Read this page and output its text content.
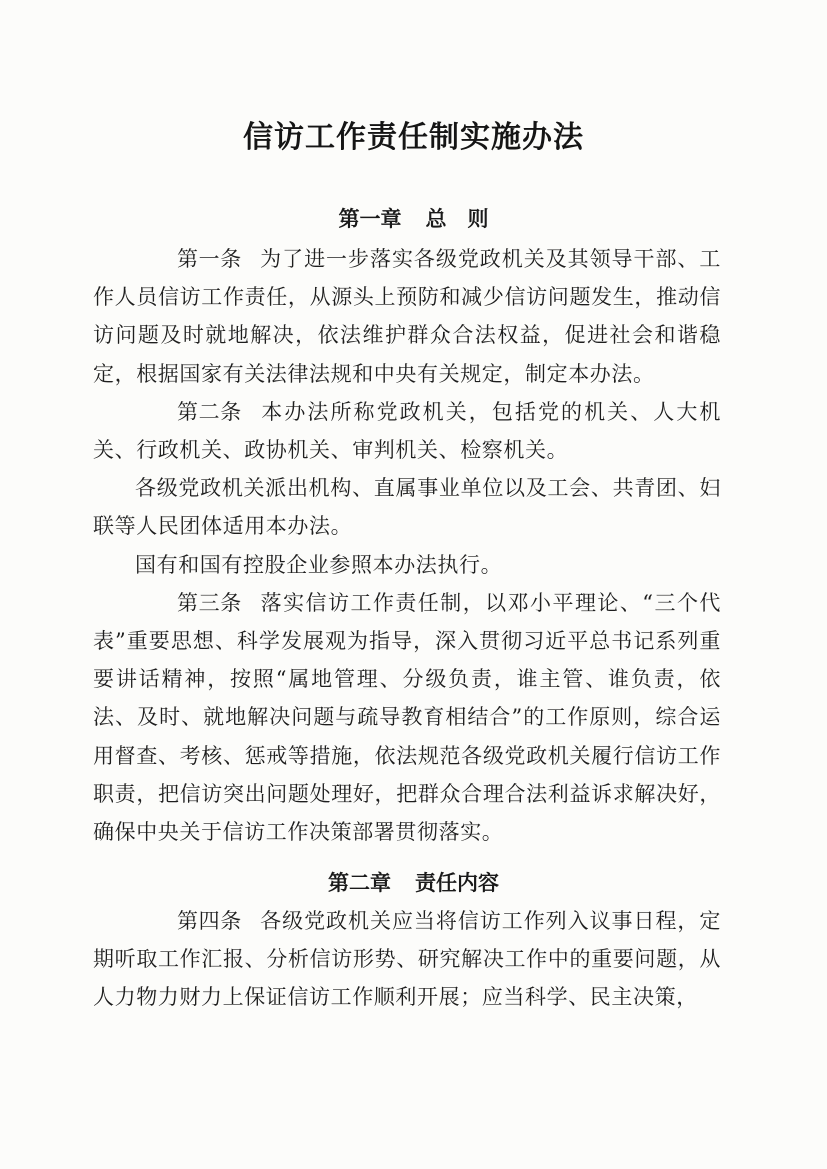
信访工作责任制实施办法
第一章 总　则

第一条 为了进一步落实各级党政机关及其领导干部、工作人员信访工作责任，从源头上预防和减少信访问题发生，推动信访问题及时就地解决，依法维护群众合法权益，促进社会和谐稳定，根据国家有关法律法规和中央有关规定，制定本办法。

第二条 本办法所称党政机关，包括党的机关、人大机关、行政机关、政协机关、审判机关、检察机关。

各级党政机关派出机构、直属事业单位以及工会、共青团、妇联等人民团体适用本办法。

国有和国有控股企业参照本办法执行。

第三条 落实信访工作责任制，以邓小平理论、“三个代表”重要思想、科学发展观为指导，深入贯彻习近平总书记系列重要讲话精神，按照“属地管理、分级负责，谁主管、谁负责，依法、及时、就地解决问题与疏导教育相结合”的工作原则，综合运用督查、考核、惩戒等措施，依法规范各级党政机关履行信访工作职责，把信访突出问题处理好，把群众合理合法利益诉求解决好，确保中央关于信访工作决策部署贯彻落实。

第二章 责任内容

第四条 各级党政机关应当将信访工作列入议事日程，定期听取工作汇报、分析信访形势、研究解决工作中的重要问题，从人力物力财力上保证信访工作顺利开展；应当科学、民主决策，
